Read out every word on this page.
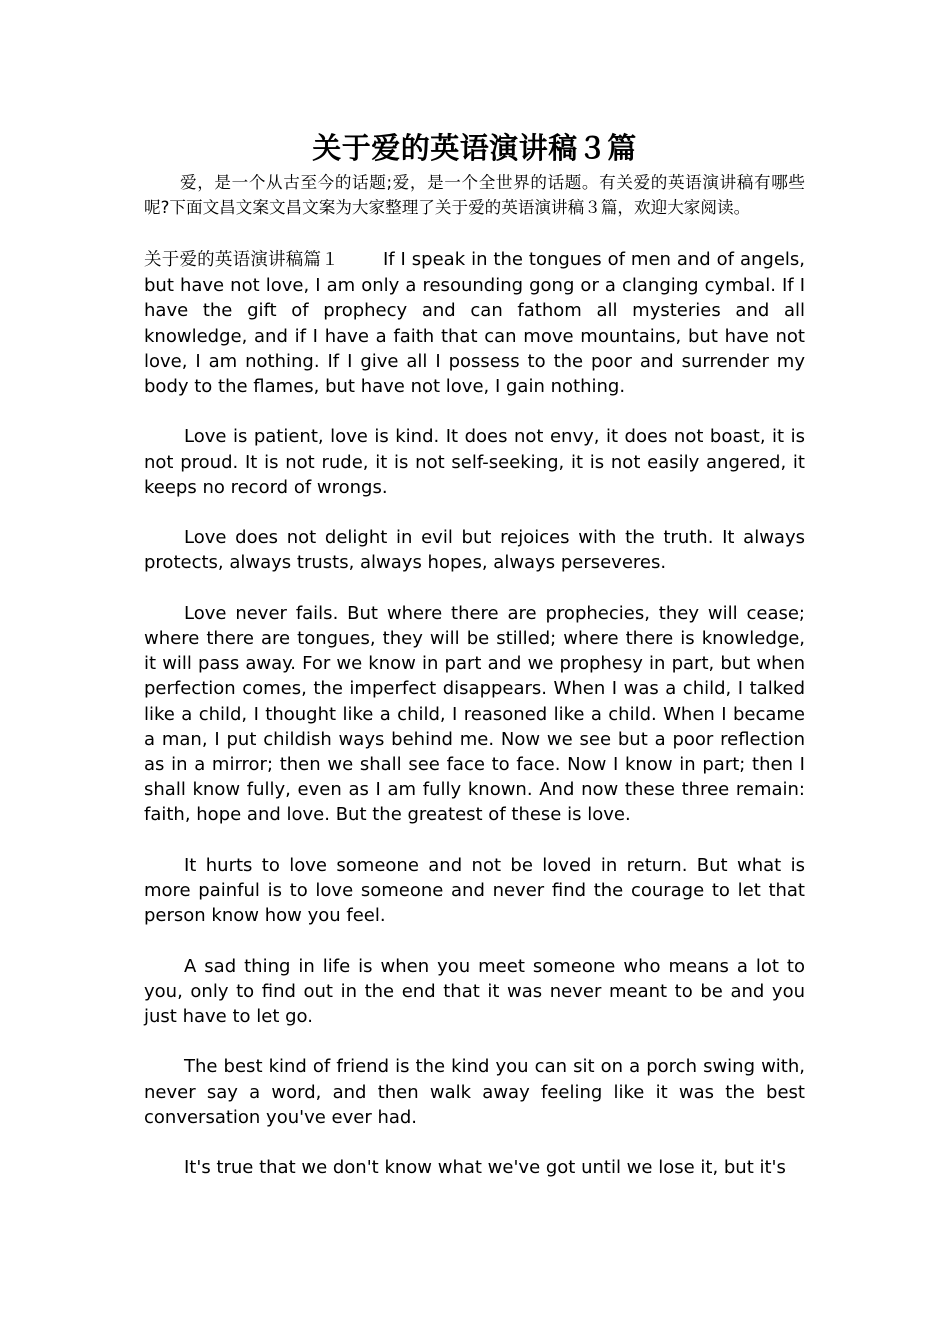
关于爱的英语演讲稿３篇

爱，是一个从古至今的话题;爱，是一个全世界的话题。有关爱的英语演讲稿有哪些呢?下面文昌文案文昌文案为大家整理了关于爱的英语演讲稿３篇，欢迎大家阅读。

关于爱的英语演讲稿篇１ If I speak in the tongues of men and of angels, but have not love, I am only a resounding gong or a clanging cymbal. If I have the gift of prophecy and can fathom all mysteries and all knowledge, and if I have a faith that can move mountains, but have not love, I am nothing. If I give all I possess to the poor and surrender my body to the flames, but have not love, I gain nothing.

Love is patient, love is kind. It does not envy, it does not boast, it is not proud. It is not rude, it is not self-seeking, it is not easily angered, it keeps no record of wrongs.

Love does not delight in evil but rejoices with the truth. It always protects, always trusts, always hopes, always perseveres.

Love never fails. But where there are prophecies, they will cease; where there are tongues, they will be stilled; where there is knowledge, it will pass away. For we know in part and we prophesy in part, but when perfection comes, the imperfect disappears. When I was a child, I talked like a child, I thought like a child, I reasoned like a child. When I became a man, I put childish ways behind me. Now we see but a poor reflection as in a mirror; then we shall see face to face. Now I know in part; then I shall know fully, even as I am fully known. And now these three remain: faith, hope and love. But the greatest of these is love.

It hurts to love someone and not be loved in return. But what is more painful is to love someone and never find the courage to let that person know how you feel.

A sad thing in life is when you meet someone who means a lot to you, only to find out in the end that it was never meant to be and you just have to let go.

The best kind of friend is the kind you can sit on a porch swing with, never say a word, and then walk away feeling like it was the best conversation you've ever had.

It's true that we don't know what we've got until we lose it, but it's
